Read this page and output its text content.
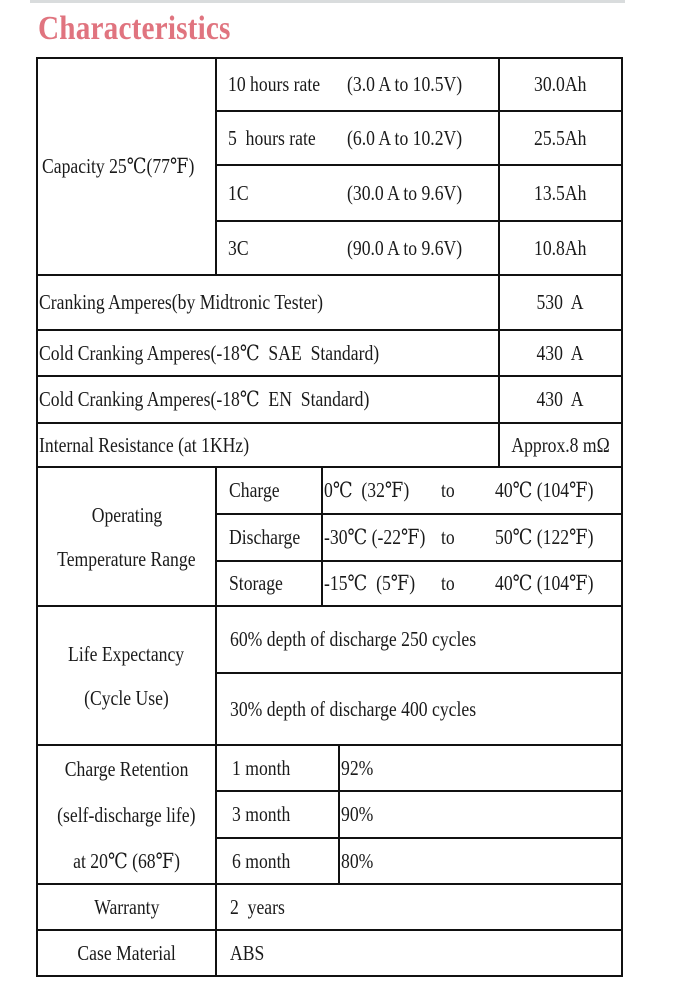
Characteristics
Capacity 25℃(77℉)
10 hours rate (3.0 A to 10.5V)	30.0Ah
5  hours rate (6.0 A to 10.2V)	25.5Ah
1C	(30.0 A to 9.6V)	13.5Ah
3C	(90.0 A to 9.6V)	10.8Ah
Cranking Amperes(by Midtronic Tester)	530  A
Cold Cranking Amperes(-18℃  SAE  Standard)	430  A
Cold Cranking Amperes(-18℃  EN  Standard)	430  A
Internal Resistance (at 1KHz)	Approx.8 mΩ
Operating
Temperature Range
Charge 0℃  (32℉) to 40℃ (104℉)
Discharge -30℃ (-22℉) to 50℃ (122℉)
Storage -15℃  (5℉) to 40℃ (104℉)
Life Expectancy
(Cycle Use)
60% depth of discharge 250 cycles
30% depth of discharge 400 cycles
Charge Retention
(self-discharge life)
at 20℃ (68℉)
1 month 92%
3 month 90%
6 month 80%
Warranty	2  years
Case Material	ABS
